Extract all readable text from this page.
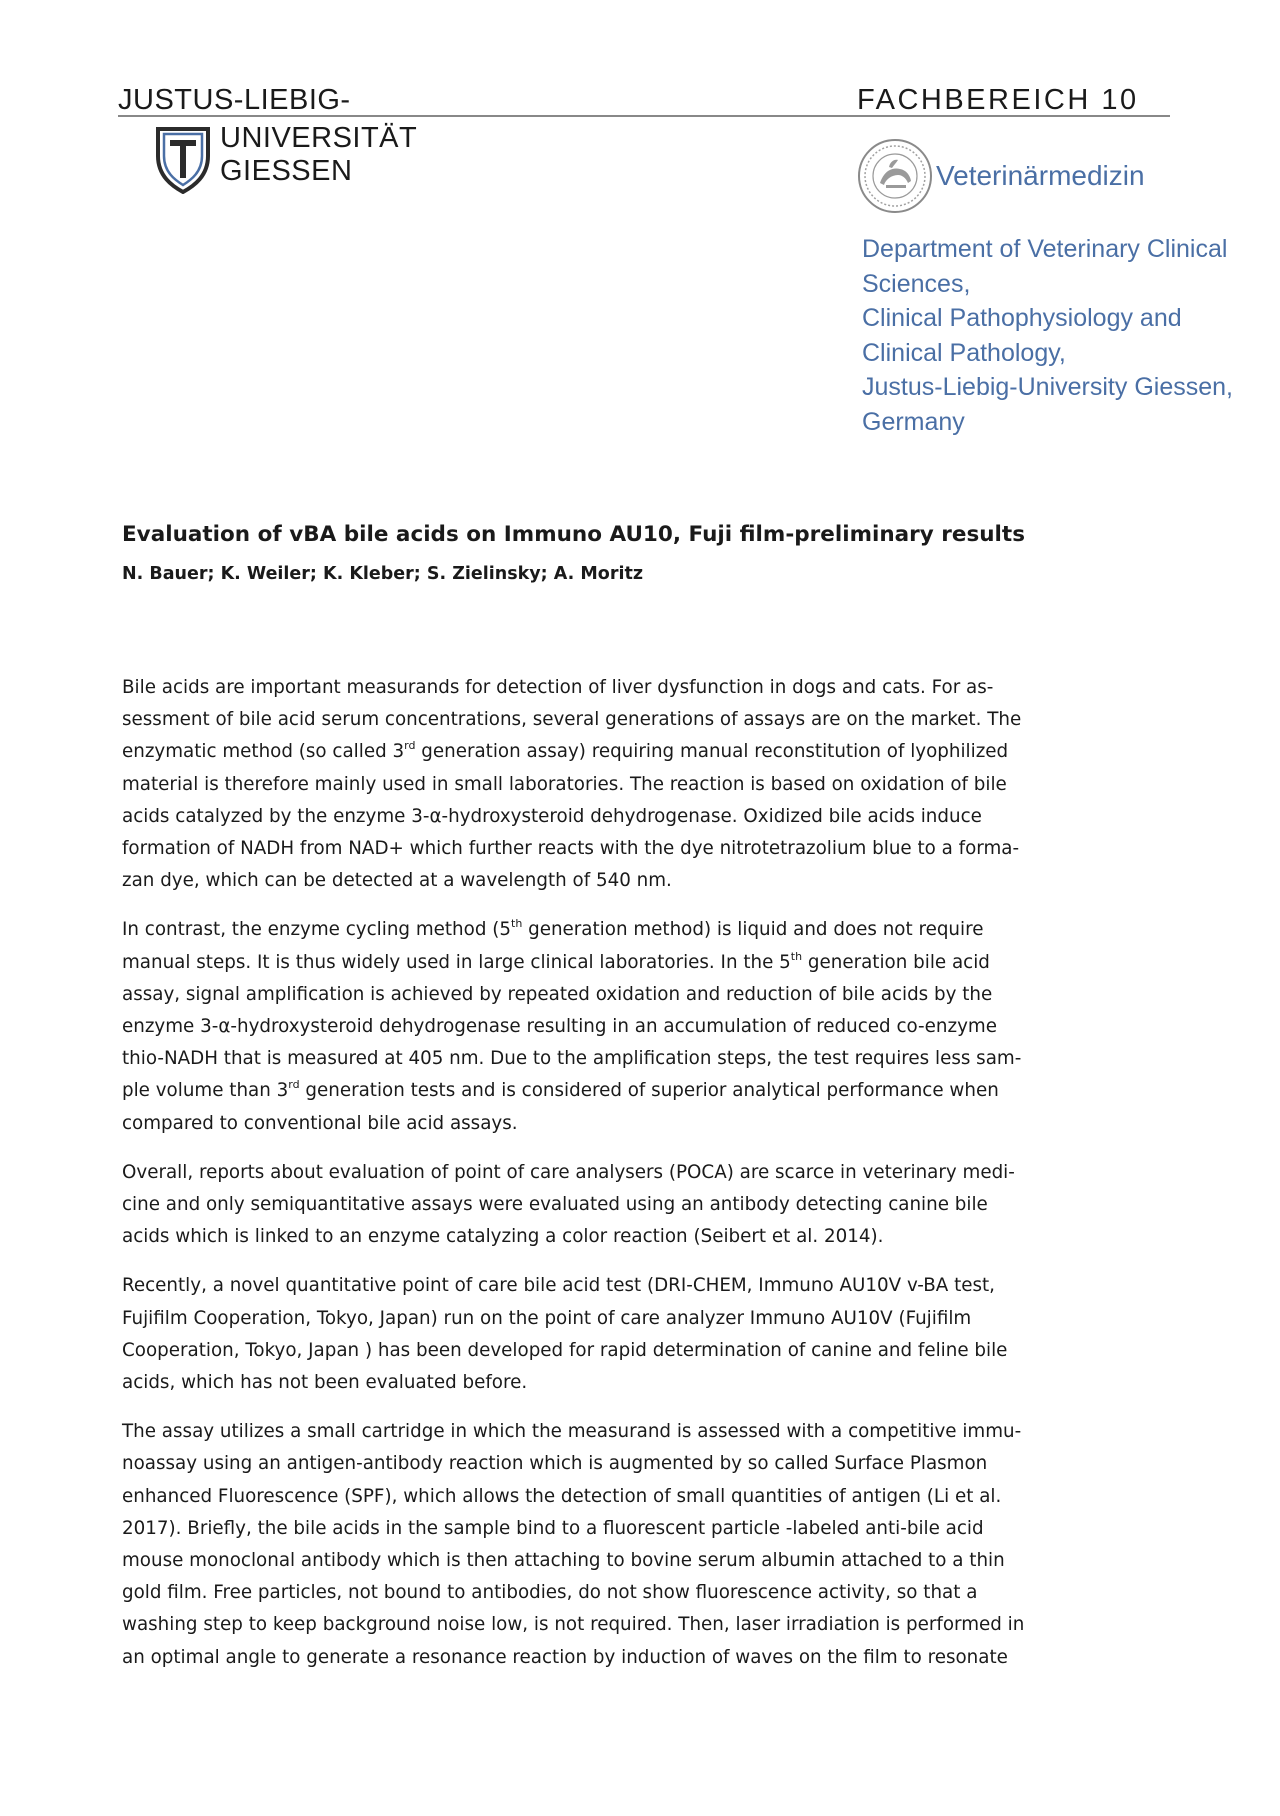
JUSTUS-LIEBIG-
UNIVERSITÄT
GIESSEN
FACHBEREICH 10
Veterinärmedizin
Department of Veterinary Clinical
Sciences,
Clinical Pathophysiology and
Clinical Pathology,
Justus-Liebig-University Giessen,
Germany
Evaluation of vBA bile acids on Immuno AU10, Fuji film-preliminary results
N. Bauer; K. Weiler; K. Kleber; S. Zielinsky; A. Moritz

Bile acids are important measurands for detection of liver dysfunction in dogs and cats. For as-
sessment of bile acid serum concentrations, several generations of assays are on the market. The
enzymatic method (so called 3rd generation assay) requiring manual reconstitution of lyophilized
material is therefore mainly used in small laboratories. The reaction is based on oxidation of bile
acids catalyzed by the enzyme 3-α-hydroxysteroid dehydrogenase. Oxidized bile acids induce
formation of NADH from NAD+ which further reacts with the dye nitrotetrazolium blue to a forma-
zan dye, which can be detected at a wavelength of 540 nm.

In contrast, the enzyme cycling method (5th generation method) is liquid and does not require
manual steps. It is thus widely used in large clinical laboratories. In the 5th generation bile acid
assay, signal amplification is achieved by repeated oxidation and reduction of bile acids by the
enzyme 3-α-hydroxysteroid dehydrogenase resulting in an accumulation of reduced co-enzyme
thio-NADH that is measured at 405 nm. Due to the amplification steps, the test requires less sam-
ple volume than 3rd generation tests and is considered of superior analytical performance when
compared to conventional bile acid assays.

Overall, reports about evaluation of point of care analysers (POCA) are scarce in veterinary medi-
cine and only semiquantitative assays were evaluated using an antibody detecting canine bile
acids which is linked to an enzyme catalyzing a color reaction (Seibert et al. 2014).

Recently, a novel quantitative point of care bile acid test (DRI-CHEM, Immuno AU10V v-BA test,
Fujifilm Cooperation, Tokyo, Japan) run on the point of care analyzer Immuno AU10V (Fujifilm
Cooperation, Tokyo, Japan ) has been developed for rapid determination of canine and feline bile
acids, which has not been evaluated before.

The assay utilizes a small cartridge in which the measurand is assessed with a competitive immu-
noassay using an antigen-antibody reaction which is augmented by so called Surface Plasmon
enhanced Fluorescence (SPF), which allows the detection of small quantities of antigen (Li et al.
2017). Briefly, the bile acids in the sample bind to a fluorescent particle -labeled anti-bile acid
mouse monoclonal antibody which is then attaching to bovine serum albumin attached to a thin
gold film. Free particles, not bound to antibodies, do not show fluorescence activity, so that a
washing step to keep background noise low, is not required. Then, laser irradiation is performed in
an optimal angle to generate a resonance reaction by induction of waves on the film to resonate
